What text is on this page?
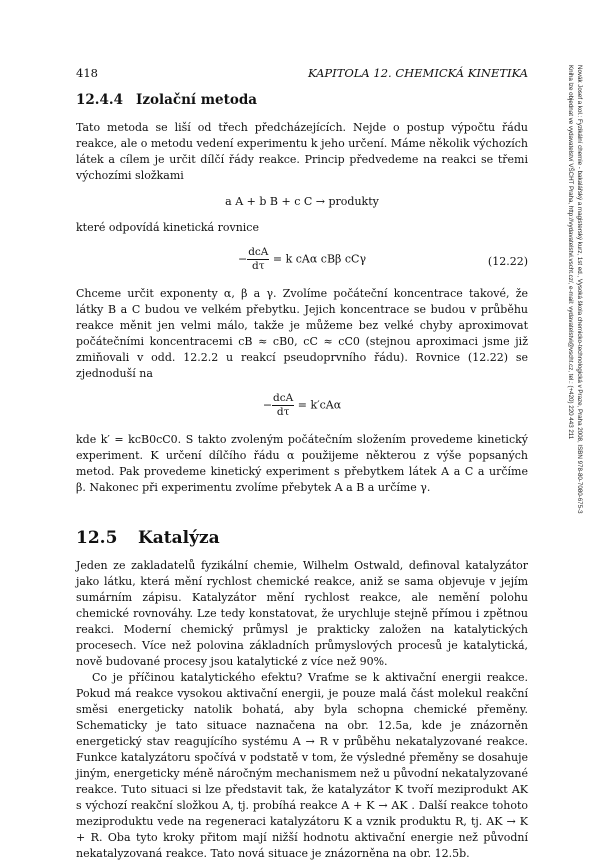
418	KAPITOLA 12. CHEMICKÁ KINETIKA	Novák Josef a kol.: Fyzikální chemie - bakalářský a magisterský kurz, 1st ed., Vysoká škola chemicko-technologická v Praze, Praha 2008, ISBN 978-80-7080-675-3
Kniha lze objednat ve vydavatelství VŠCHT Praha, http://vydavatelstvi.vscht.cz/, e-mail: vydavatelstvi@vscht.cz, tel.: (+420) 220 443 211
12.4.4 Izolační metoda

Tato metoda se liší od třech předcházejících. Nejde o postup výpočtu řádu reakce, ale o metodu vedení experimentu k jeho určení. Máme několik výchozích látek a cílem je určit dílčí řády reakce. Princip předvedeme na reakci se třemi výchozími složkami

a A + b B + c C → produkty

které odpovídá kinetická rovnice

− $\frac{\text{dcA}}{d\tau} = k$ cAα cBβ cCγ	(12.22)

Chceme určit exponenty α, β a γ. Zvolíme počáteční koncentrace takové, že látky B a C budou ve velkém přebytku. Jejich koncentrace se budou v průběhu reakce měnit jen velmi málo, takže je můžeme bez velké chyby aproximovat počátečními koncentracemi cB ≈ cB0, cC ≈ cC0 (stejnou aproximaci jsme již zmiňovali v odd. 12.2.2 u reakcí pseudoprvního řádu). Rovnice (12.22) se zjednoduší na

− $\frac{\text{dcA}}{d\tau} = k'cA\alpha$

kde k′ = kcB0cC0. S takto zvoleným počátečním složením provedeme kinetický experiment. K určení dílčího řádu α použijeme některou z výše popsaných metod. Pak provedeme kinetický experiment s přebytkem látek A a C a určíme β. Nakonec při experimentu zvolíme přebytek A a B a určíme γ.

12.5 Katalýza

Jeden ze zakladatelů fyzikální chemie, Wilhelm Ostwald, definoval katalyzátor jako látku, která mění rychlost chemické reakce, aniž se sama objevuje v jejím sumárním zápisu. Katalyzátor mění rychlost reakce, ale nemění polohu chemické rovnováhy. Lze tedy konstatovat, že urychluje stejně přímou i zpětnou reakci. Moderní chemický průmysl je prakticky založen na katalytických procesech. Více než polovina základních průmyslových procesů je katalytická, nově budované procesy jsou katalytické z více než 90%.

Co je příčinou katalytického efektu? Vraťme se k aktivační energii reakce. Pokud má reakce vysokou aktivační energii, je pouze malá část molekul reakční směsi energeticky natolik bohatá, aby byla schopna chemické přeměny. Schematicky je tato situace naznačena na obr. 12.5a, kde je znázorněn energetický stav reagujícího systému A → R v průběhu nekatalyzované reakce. Funkce katalyzátoru spočívá v podstatě v tom, že výsledné přeměny se dosahuje jiným, energeticky méně náročným mechanismem než u původní nekatalyzované reakce. Tuto situaci si lze představit tak, že katalyzátor K tvoří meziprodukt AK s výchozí reakční složkou A, tj. probíhá reakce A + K → AK . Další reakce tohoto meziproduktu vede na regeneraci katalyzátoru K a vznik produktu R, tj. AK → K + R. Oba tyto kroky přitom mají nižší hodnotu aktivační energie než původní nekatalyzovaná reakce. Tato nová situace je znázorněna na obr. 12.5b.
